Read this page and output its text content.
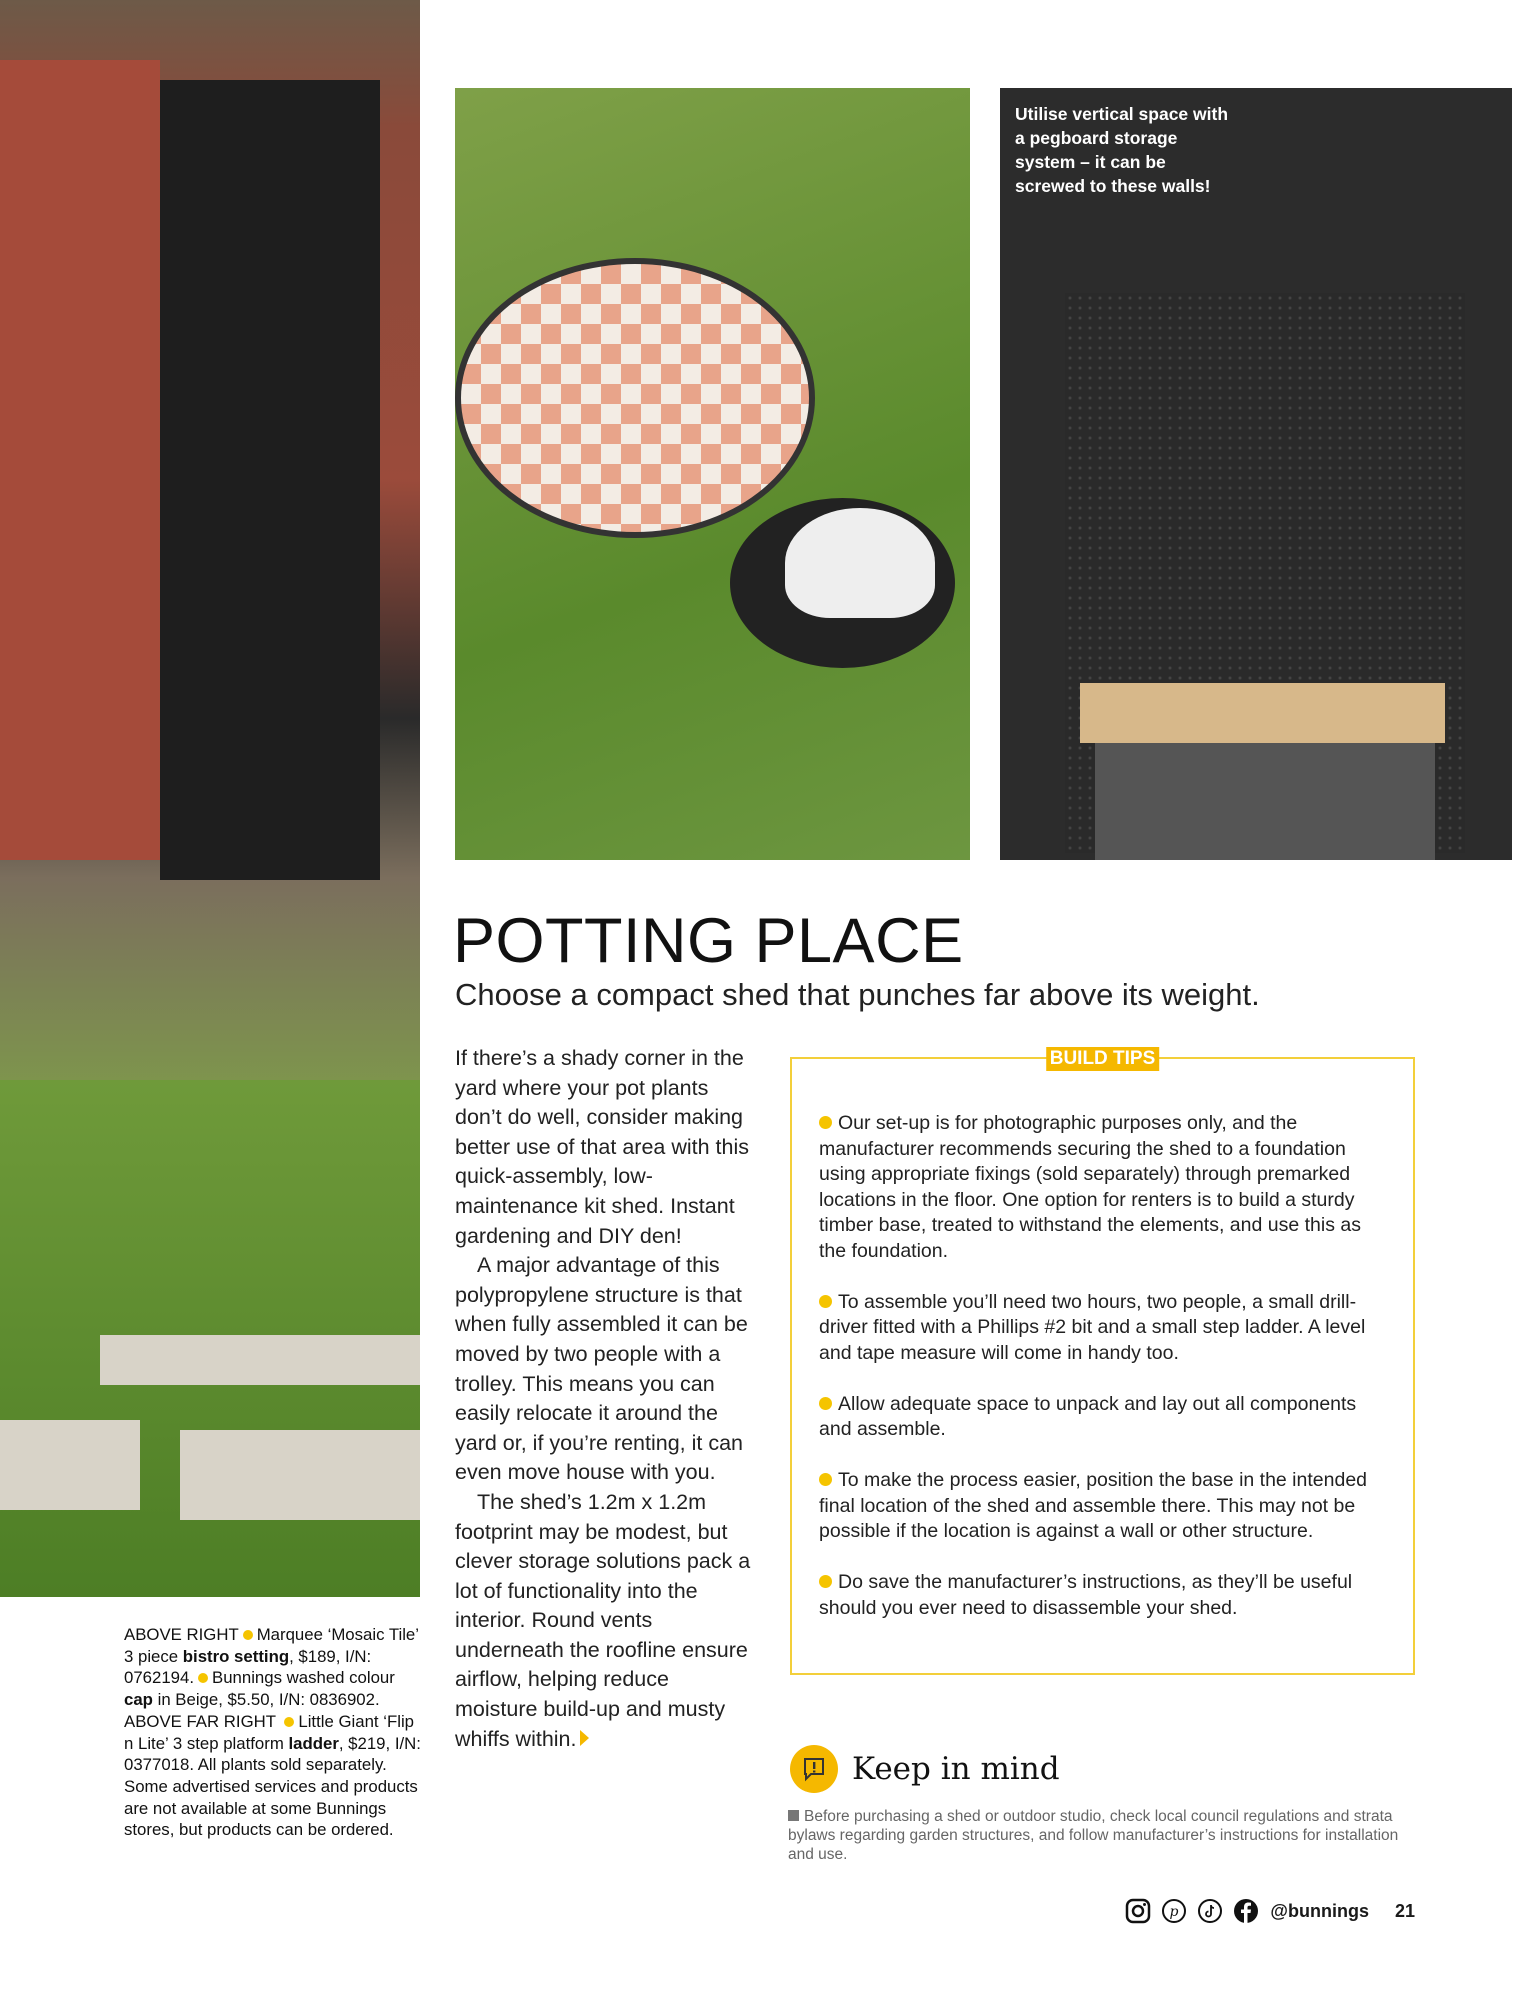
Utilise vertical space with a pegboard storage system – it can be screwed to these walls!
POTTING PLACE
Choose a compact shed that punches far above its weight.

If there’s a shady corner in the yard where your pot plants don’t do well, consider making better use of that area with this quick-assembly, low-maintenance kit shed. Instant gardening and DIY den!

A major advantage of this polypropylene structure is that when fully assembled it can be moved by two people with a trolley. This means you can easily relocate it around the yard or, if you’re renting, it can even move house with you.

The shed’s 1.2m x 1.2m footprint may be modest, but clever storage solutions pack a lot of functionality into the interior. Round vents underneath the roofline ensure airflow, helping reduce moisture build-up and musty whiffs within.

BUILD TIPS
Our set-up is for photographic purposes only, and the manufacturer recommends securing the shed to a foundation using appropriate fixings (sold separately) through premarked locations in the floor. One option for renters is to build a sturdy timber base, treated to withstand the elements, and use this as the foundation.
To assemble you’ll need two hours, two people, a small drill-driver fitted with a Phillips #2 bit and a small step ladder. A level and tape measure will come in handy too.
Allow adequate space to unpack and lay out all components and assemble.
To make the process easier, position the base in the intended final location of the shed and assemble there. This may not be possible if the location is against a wall or other structure.
Do save the manufacturer’s instructions, as they’ll be useful should you ever need to disassemble your shed.
Keep in mind
Before purchasing a shed or outdoor studio, check local council regulations and strata bylaws regarding garden structures, and follow manufacturer’s instructions for installation and use.
ABOVE RIGHT Marquee ‘Mosaic Tile’ 3 piece bistro setting, $189, I/N: 0762194. Bunnings washed colour cap in Beige, $5.50, I/N: 0836902. ABOVE FAR RIGHT Little Giant ‘Flip n Lite’ 3 step platform ladder, $219, I/N: 0377018. All plants sold separately. Some advertised services and products are not available at some Bunnings stores, but products can be ordered.
p	@bunnings 21
